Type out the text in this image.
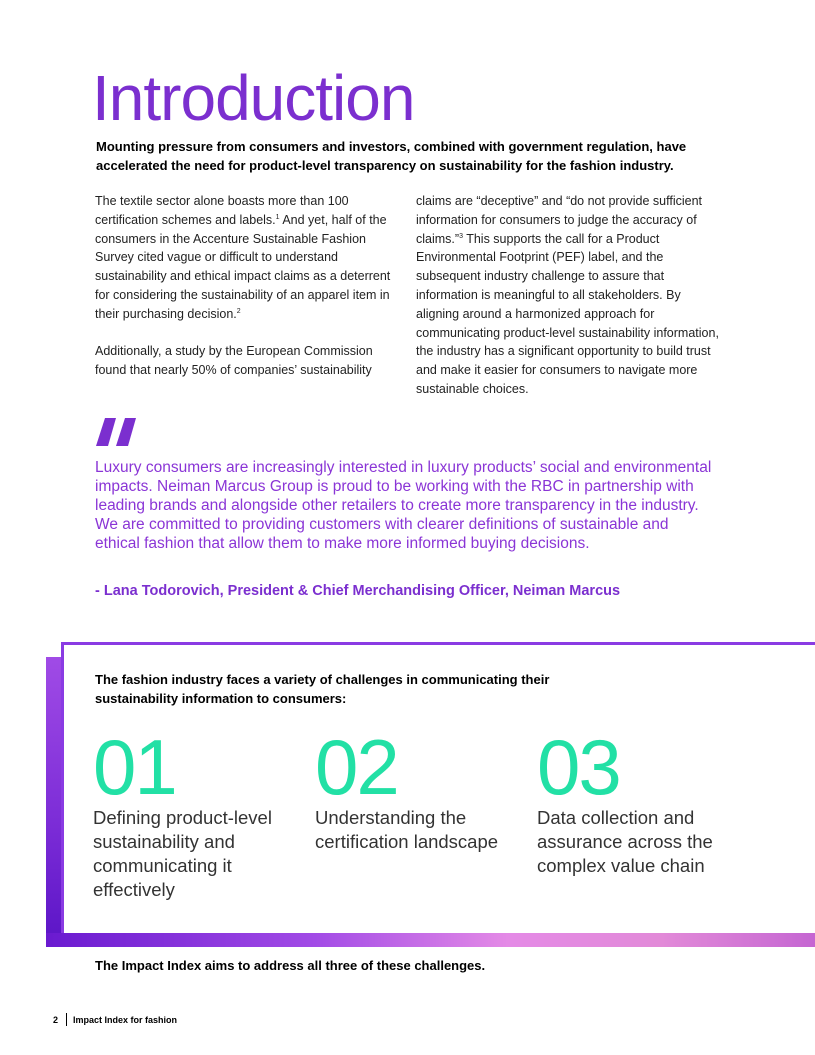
Introduction

Mounting pressure from consumers and investors, combined with government regulation, have accelerated the need for product-level transparency on sustainability for the fashion industry.

The textile sector alone boasts more than 100 certification schemes and labels.$^1$ And yet, half of the consumers in the Accenture Sustainable Fashion Survey cited vague or difficult to understand sustainability and ethical impact claims as a deterrent for considering the sustainability of an apparel item in their purchasing decision.$^2$

Additionally, a study by the European Commission found that nearly 50% of companies’ sustainability

claims are “deceptive” and “do not provide sufficient information for consumers to judge the accuracy of claims.”$^3$ This supports the call for a Product Environmental Footprint (PEF) label, and the subsequent industry challenge to assure that information is meaningful to all stakeholders. By aligning around a harmonized approach for communicating product-level sustainability information, the industry has a significant opportunity to build trust and make it easier for consumers to navigate more sustainable choices.

Luxury consumers are increasingly interested in luxury products’ social and environmental impacts. Neiman Marcus Group is proud to be working with the RBC in partnership with leading brands and alongside other retailers to create more transparency in the industry. We are committed to providing customers with clearer definitions of sustainable and ethical fashion that allow them to make more informed buying decisions.

- Lana Todorovich, President & Chief Merchandising Officer, Neiman Marcus

The fashion industry faces a variety of challenges in communicating their sustainability information to consumers:

01
Defining product-level sustainability and communicating it effectively
02
Understanding the certification landscape
03
Data collection and assurance across the complex value chain

The Impact Index aims to address all three of these challenges.

2 Impact Index for fashion
